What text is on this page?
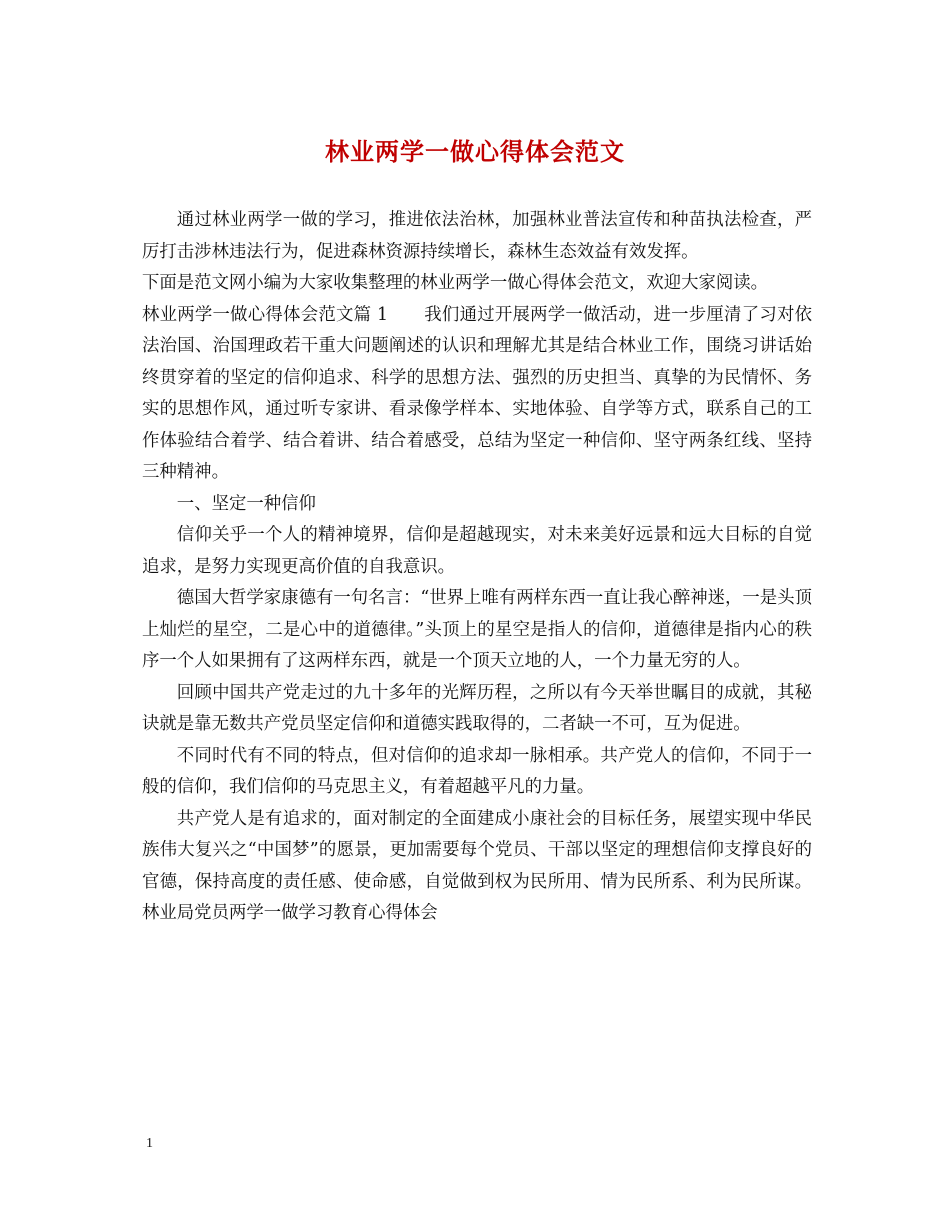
林业两学一做心得体会范文

通过林业两学一做的学习，推进依法治林，加强林业普法宣传和种苗执法检查，严厉打击涉林违法行为，促进森林资源持续增长，森林生态效益有效发挥。

下面是范文网小编为大家收集整理的林业两学一做心得体会范文，欢迎大家阅读。

林业两学一做心得体会范文篇 1 我们通过开展两学一做活动，进一步厘清了习对依法治国、治国理政若干重大问题阐述的认识和理解尤其是结合林业工作，围绕习讲话始终贯穿着的坚定的信仰追求、科学的思想方法、强烈的历史担当、真挚的为民情怀、务实的思想作风，通过听专家讲、看录像学样本、实地体验、自学等方式，联系自己的工作体验结合着学、结合着讲、结合着感受，总结为坚定一种信仰、坚守两条红线、坚持三种精神。

一、坚定一种信仰

信仰关乎一个人的精神境界，信仰是超越现实，对未来美好远景和远大目标的自觉追求，是努力实现更高价值的自我意识。

德国大哲学家康德有一句名言：“世界上唯有两样东西一直让我心醉神迷，一是头顶上灿烂的星空，二是心中的道德律。”头顶上的星空是指人的信仰，道德律是指内心的秩序一个人如果拥有了这两样东西，就是一个顶天立地的人，一个力量无穷的人。

回顾中国共产党走过的九十多年的光辉历程，之所以有今天举世瞩目的成就，其秘诀就是靠无数共产党员坚定信仰和道德实践取得的，二者缺一不可，互为促进。

不同时代有不同的特点，但对信仰的追求却一脉相承。共产党人的信仰，不同于一般的信仰，我们信仰的马克思主义，有着超越平凡的力量。

共产党人是有追求的，面对制定的全面建成小康社会的目标任务，展望实现中华民族伟大复兴之“中国梦”的愿景，更加需要每个党员、干部以坚定的理想信仰支撑良好的官德，保持高度的责任感、使命感，自觉做到权为民所用、情为民所系、利为民所谋。林业局党员两学一做学习教育心得体会

1
